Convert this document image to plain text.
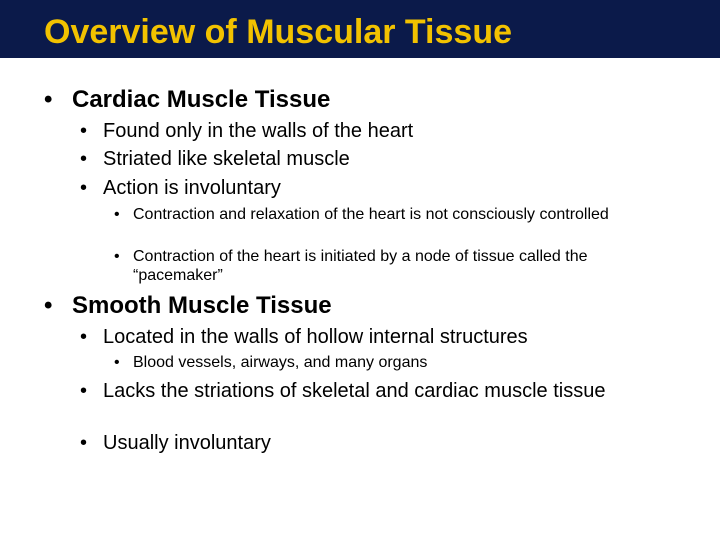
Overview of Muscular Tissue
• Cardiac Muscle Tissue
• Found only in the walls of the heart
• Striated like skeletal muscle
• Action is involuntary
• Contraction and relaxation of the heart is not consciously controlled
• Contraction of the heart is initiated by a node of tissue called the “pacemaker”
• Smooth Muscle Tissue
• Located in the walls of hollow internal structures
• Blood vessels, airways, and many organs
• Lacks the striations of skeletal and cardiac muscle tissue
• Usually involuntary
